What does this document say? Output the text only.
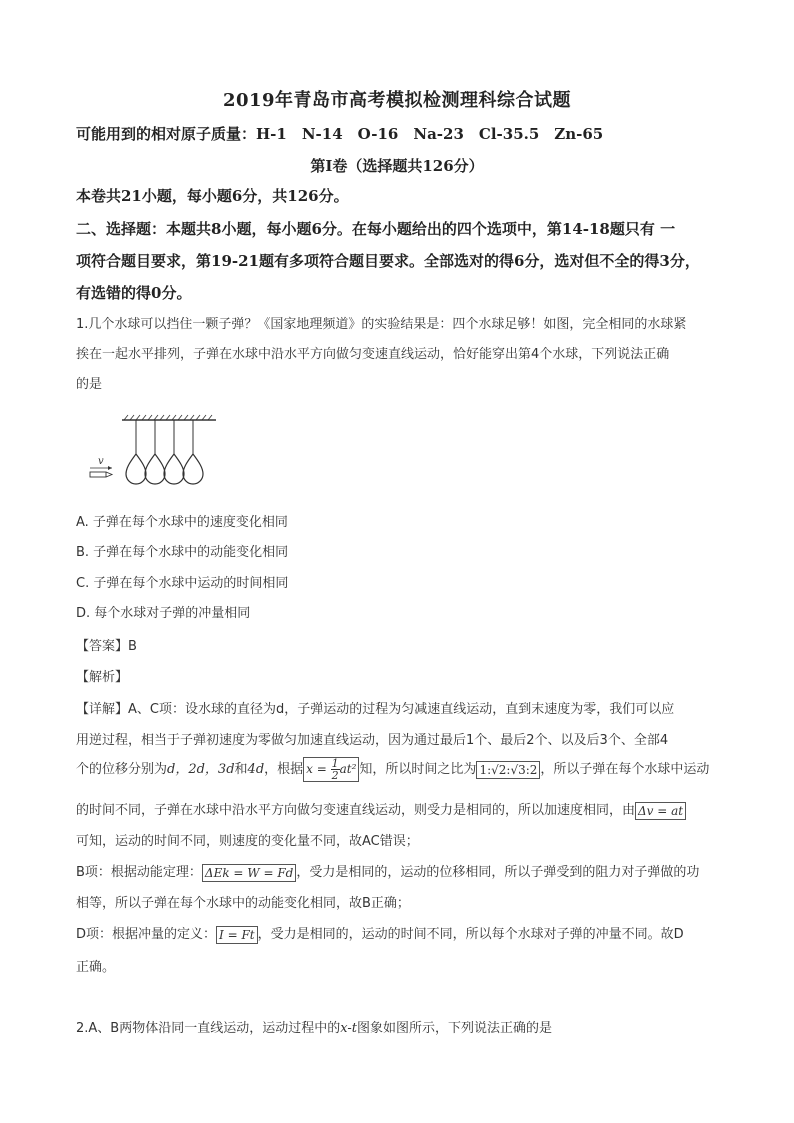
2019年青岛市高考模拟检测理科综合试题
可能用到的相对原子质量：H-1　N-14　O-16　Na-23　Cl-35.5　Zn-65
第I卷（选择题共126分）
本卷共21小题，每小题6分，共126分。
二、选择题：本题共8小题，每小题6分。在每小题给出的四个选项中，第14-18题只有 一
项符合题目要求，第19-21题有多项符合题目要求。全部选对的得6分，选对但不全的得3分，
有选错的得0分。
1.几个水球可以挡住一颗子弹？《国家地理频道》的实验结果是：四个水球足够！如图，完全相同的水球紧
挨在一起水平排列，子弹在水球中沿水平方向做匀变速直线运动，恰好能穿出第4个水球，下列说法正确
的是
v
A. 子弹在每个水球中的速度变化相同
B. 子弹在每个水球中的动能变化相同
C. 子弹在每个水球中运动的时间相同
D. 每个水球对子弹的冲量相同
【答案】B
【解析】
【详解】A、C项：设水球的直径为d，子弹运动的过程为匀减速直线运动，直到末速度为零，我们可以应
用逆过程，相当于子弹初速度为零做匀加速直线运动，因为通过最后1个、最后2个、以及后3个、全部4
个的位移分别为d，2d，3d和4d，根据 $x = \frac{1}{2} at^2$ 知，所以时间之比为 1:√2:√3:2 ，所以子弹在每个水球中运动
的时间不同，子弹在水球中沿水平方向做匀变速直线运动，则受力是相同的，所以加速度相同，由 Δv = at
可知，运动的时间不同，则速度的变化量不同，故AC错误；
B项：根据动能定理： ΔEk = W = Fd ，受力是相同的，运动的位移相同，所以子弹受到的阻力对子弹做的功
相等，所以子弹在每个水球中的动能变化相同，故B正确；
D项：根据冲量的定义： I = Ft ，受力是相同的，运动的时间不同，所以每个水球对子弹的冲量不同。故D
正确。
2.A、B两物体沿同一直线运动，运动过程中的x-t图象如图所示，下列说法正确的是
